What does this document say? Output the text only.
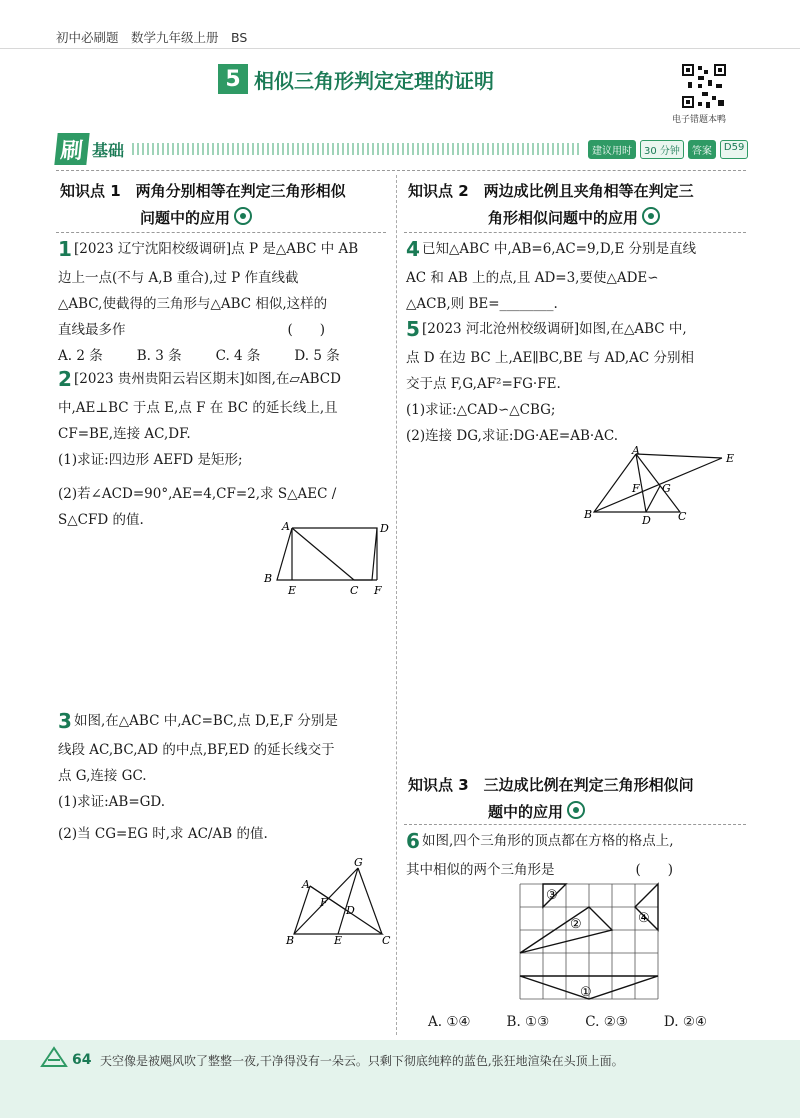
初中必刷题　数学九年级上册　BS
5 相似三角形判定定理的证明
电子错题本鸭
刷 基础	建议用时	30 分钟	答案	D59
知识点 1　两角分别相等在判定三角形相似
问题中的应用
1 [2023 辽宁沈阳校级调研]点 P 是△ABC 中 AB
边上一点(不与 A,B 重合),过 P 作直线截
△ABC,使截得的三角形与△ABC 相似,这样的
直线最多作　　　　　　　　　　　　(　　)
A. 2 条	B. 3 条	C. 4 条	D. 5 条
2 [2023 贵州贵阳云岩区期末]如图,在▱ABCD
中,AE⊥BC 于点 E,点 F 在 BC 的延长线上,且
CF=BE,连接 AC,DF.
(1)求证:四边形 AEFD 是矩形;
(2)若∠ACD=90°,AE=4,CF=2,求 S△AEC / S△CFD 的值.	A	D
B
E	C F
3 如图,在△ABC 中,AC=BC,点 D,E,F 分别是
线段 AC,BC,AD 的中点,BF,ED 的延长线交于
点 G,连接 GC.
(1)求证:AB=GD.
(2)当 CG=EG 时,求 AC/AB 的值.
G
A
F
D
B	E	C
知识点 2　两边成比例且夹角相等在判定三
角形相似问题中的应用
4 已知△ABC 中,AB=6,AC=9,D,E 分别是直线
AC 和 AB 上的点,且 AD=3,要使△ADE∽
△ACB,则 BE=________.
5 [2023 河北沧州校级调研]如图,在△ABC 中,
点 D 在边 BC 上,AE∥BC,BE 与 AD,AC 分别相
交于点 F,G,AF²=FG·FE.
(1)求证:△CAD∽△CBG;
(2)连接 DG,求证:DG·AE=AB·AC.
A
E
F G
B	D C
知识点 3　三边成比例在判定三角形相似问
题中的应用
6 如图,四个三角形的顶点都在方格的格点上,
其中相似的两个三角形是　　　　　　(　　)
③
②	④
①
A. ①④	B. ①③	C. ②③	D. ②④
64 天空像是被飓风吹了整整一夜,干净得没有一朵云。只剩下彻底纯粹的蓝色,张狂地渲染在头顶上面。
